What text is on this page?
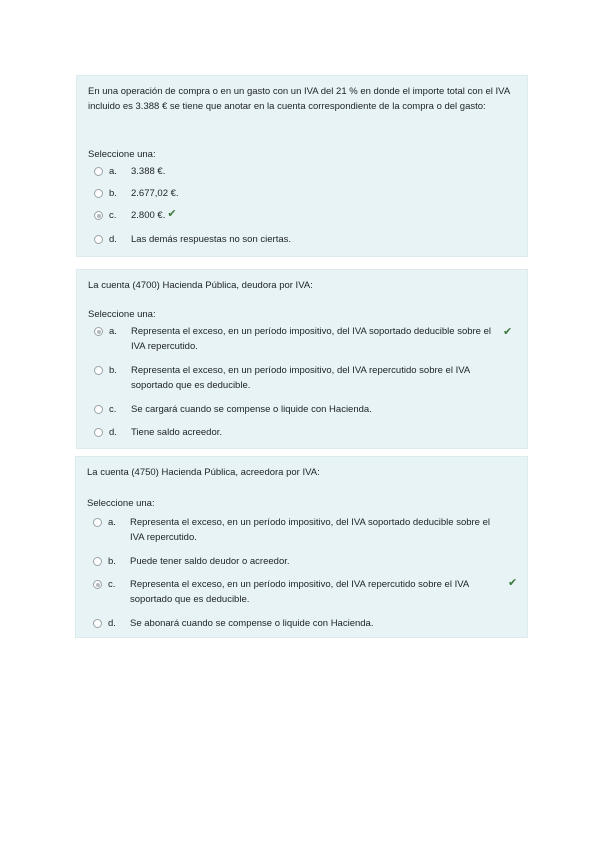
En una operación de compra o en un gasto con un IVA del 21 % en donde el importe total con el IVA incluido es 3.388 € se tiene que anotar en la cuenta correspondiente de la compra o del gasto:
Seleccione una:
a.	3.388 €.
b.	2.677,02 €.
c.	2.800 €. ✔
d.	Las demás respuestas no son ciertas.
La cuenta (4700) Hacienda Pública, deudora por IVA:
Seleccione una:
a.	Representa el exceso, en un período impositivo, del IVA soportado deducible sobre el IVA repercutido.
✔
b.	Representa el exceso, en un período impositivo, del IVA repercutido sobre el IVA soportado que es deducible.
c.	Se cargará cuando se compense o liquide con Hacienda.
d.	Tiene saldo acreedor.
La cuenta (4750) Hacienda Pública, acreedora por IVA:
Seleccione una:
a.	Representa el exceso, en un período impositivo, del IVA soportado deducible sobre el IVA repercutido.
b.	Puede tener saldo deudor o acreedor.
c.	Representa el exceso, en un período impositivo, del IVA repercutido sobre el IVA soportado que es deducible.
✔
d.	Se abonará cuando se compense o liquide con Hacienda.
